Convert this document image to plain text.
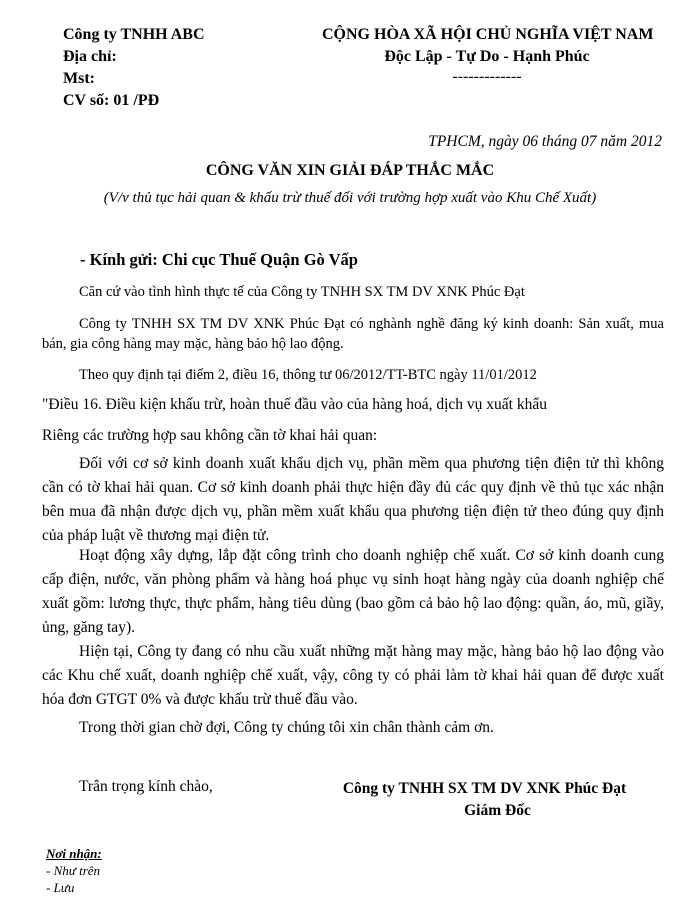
Công ty TNHH ABC
Địa chỉ:
Mst:
CV số: 01 /PĐ
CỘNG HÒA XÃ HỘI CHỦ NGHĨA VIỆT NAM
Độc Lập - Tự Do - Hạnh Phúc
-------------
TPHCM, ngày 06 tháng 07 năm 2012
CÔNG VĂN XIN GIẢI ĐÁP THẮC MẮC
(V/v thủ tục hải quan & khấu trừ thuế đối với trường hợp xuất vào Khu Chế Xuất)
- Kính gửi: Chi cục Thuế Quận Gò Vấp
Căn cứ vào tình hình thực tế của Công ty TNHH SX TM DV XNK Phúc Đạt
Công ty TNHH SX TM DV XNK Phúc Đạt có nghành nghề đăng ký kinh doanh: Sản xuất, mua bán, gia công hàng may mặc, hàng bảo hộ lao động.
Theo quy định tại điểm 2, điều 16, thông tư 06/2012/TT-BTC ngày 11/01/2012
"Điều 16. Điều kiện khấu trừ, hoàn thuế đầu vào của hàng hoá, dịch vụ xuất khẩu
Riêng các trường hợp sau không cần tờ khai hải quan:
Đối với cơ sở kinh doanh xuất khẩu dịch vụ, phần mềm qua phương tiện điện tử thì không cần có tờ khai hải quan. Cơ sở kinh doanh phải thực hiện đầy đủ các quy định về thủ tục xác nhận bên mua đã nhận được dịch vụ, phần mềm xuất khẩu qua phương tiện điện tử theo đúng quy định của pháp luật về thương mại điện tử.
Hoạt động xây dựng, lắp đặt công trình cho doanh nghiệp chế xuất. Cơ sở kinh doanh cung cấp điện, nước, văn phòng phẩm và hàng hoá phục vụ sinh hoạt hàng ngày của doanh nghiệp chế xuất gồm: lương thực, thực phẩm, hàng tiêu dùng (bao gồm cả bảo hộ lao động: quần, áo, mũ, giầy, ủng, găng tay).
Hiện tại, Công ty đang có nhu cầu xuất những mặt hàng may mặc, hàng bảo hộ lao động vào các Khu chế xuất, doanh nghiệp chế xuất, vậy, công ty có phải làm tờ khai hải quan để được xuất hóa đơn GTGT 0% và được khấu trừ thuế đầu vào.
Trong thời gian chờ đợi, Công ty chúng tôi xin chân thành cảm ơn.
Trân trọng kính chào,	Công ty TNHH SX TM DV XNK Phúc Đạt
Giám Đốc
Nơi nhận:
- Như trên
- Lưu
